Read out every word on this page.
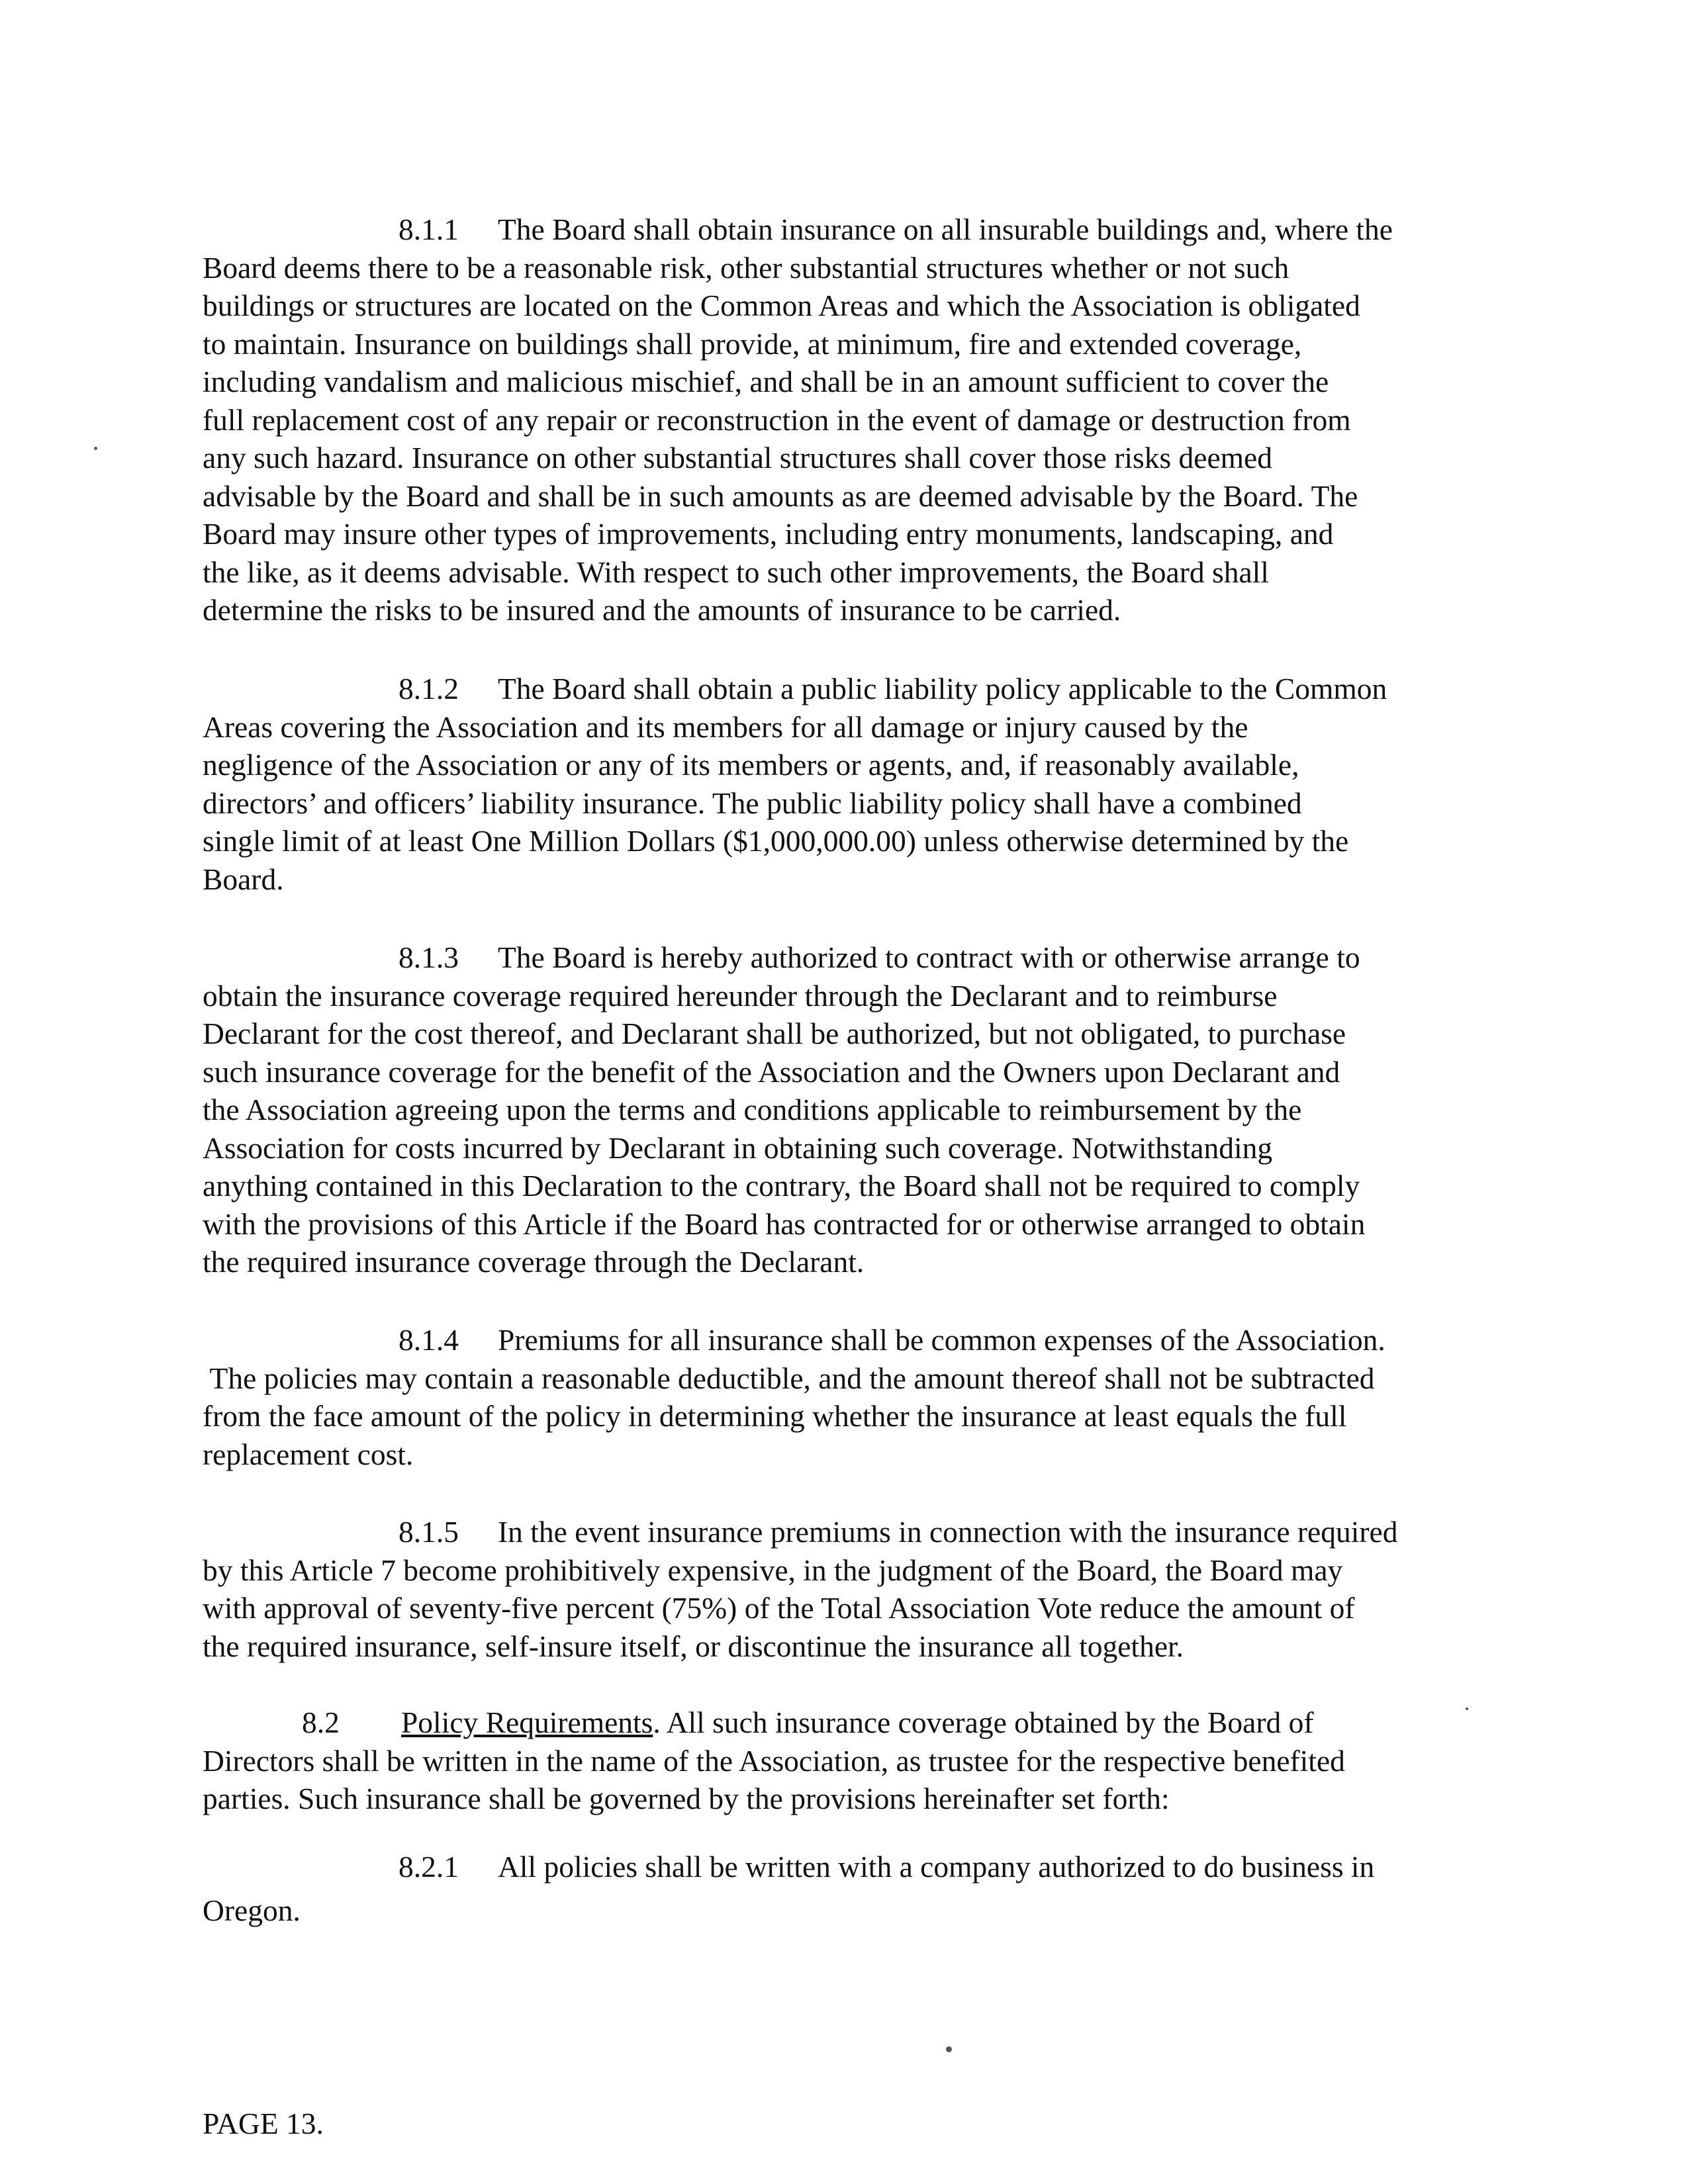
8.1.1 The Board shall obtain insurance on all insurable buildings and, where the
Board deems there to be a reasonable risk, other substantial structures whether or not such
buildings or structures are located on the Common Areas and which the Association is obligated
to maintain. Insurance on buildings shall provide, at minimum, fire and extended coverage,
including vandalism and malicious mischief, and shall be in an amount sufficient to cover the
full replacement cost of any repair or reconstruction in the event of damage or destruction from
any such hazard. Insurance on other substantial structures shall cover those risks deemed
advisable by the Board and shall be in such amounts as are deemed advisable by the Board. The
Board may insure other types of improvements, including entry monuments, landscaping, and
the like, as it deems advisable. With respect to such other improvements, the Board shall
determine the risks to be insured and the amounts of insurance to be carried.
8.1.2 The Board shall obtain a public liability policy applicable to the Common
Areas covering the Association and its members for all damage or injury caused by the
negligence of the Association or any of its members or agents, and, if reasonably available,
directors’ and officers’ liability insurance. The public liability policy shall have a combined
single limit of at least One Million Dollars ($1,000,000.00) unless otherwise determined by the
Board.
8.1.3 The Board is hereby authorized to contract with or otherwise arrange to
obtain the insurance coverage required hereunder through the Declarant and to reimburse
Declarant for the cost thereof, and Declarant shall be authorized, but not obligated, to purchase
such insurance coverage for the benefit of the Association and the Owners upon Declarant and
the Association agreeing upon the terms and conditions applicable to reimbursement by the
Association for costs incurred by Declarant in obtaining such coverage. Notwithstanding
anything contained in this Declaration to the contrary, the Board shall not be required to comply
with the provisions of this Article if the Board has contracted for or otherwise arranged to obtain
the required insurance coverage through the Declarant.
8.1.4 Premiums for all insurance shall be common expenses of the Association.
The policies may contain a reasonable deductible, and the amount thereof shall not be subtracted
from the face amount of the policy in determining whether the insurance at least equals the full
replacement cost.
8.1.5 In the event insurance premiums in connection with the insurance required
by this Article 7 become prohibitively expensive, in the judgment of the Board, the Board may
with approval of seventy-five percent (75%) of the Total Association Vote reduce the amount of
the required insurance, self-insure itself, or discontinue the insurance all together.
8.2 Policy Requirements. All such insurance coverage obtained by the Board of
Directors shall be written in the name of the Association, as trustee for the respective benefited
parties. Such insurance shall be governed by the provisions hereinafter set forth:
8.2.1 All policies shall be written with a company authorized to do business in
Oregon.
PAGE 13.
